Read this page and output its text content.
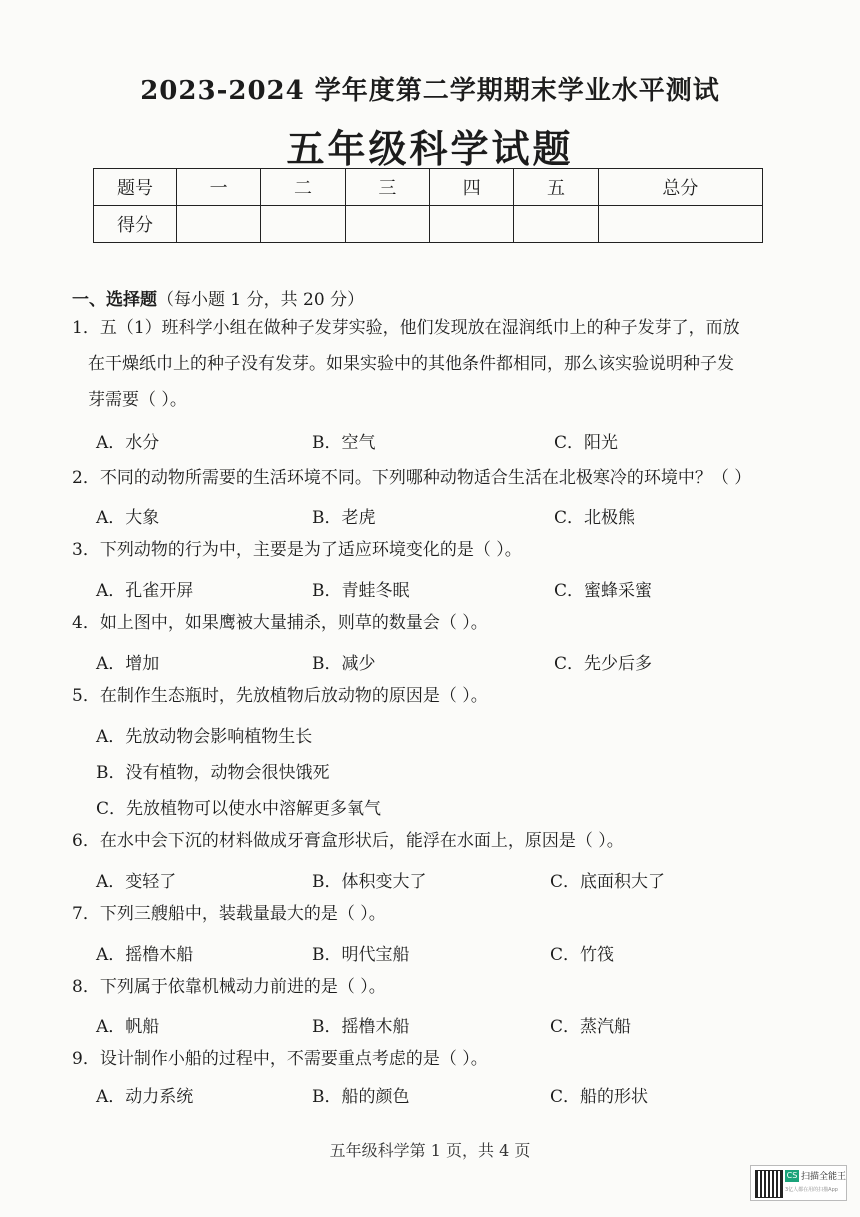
2023-2024 学年度第二学期期末学业水平测试
五年级科学试题
题号	一	二	三	四	五	总分
得分						
一、选择题（每小题 1 分，共 20 分）
1．五（1）班科学小组在做种子发芽实验，他们发现放在湿润纸巾上的种子发芽了，而放
在干燥纸巾上的种子没有发芽。如果实验中的其他条件都相同，那么该实验说明种子发
芽需要（ ）。
A．水分	B．空气	C．阳光
2．不同的动物所需要的生活环境不同。下列哪种动物适合生活在北极寒冷的环境中？（ ）
A．大象	B．老虎	C．北极熊
3．下列动物的行为中，主要是为了适应环境变化的是（ ）。
A．孔雀开屏	B．青蛙冬眠	C．蜜蜂采蜜
4．如上图中，如果鹰被大量捕杀，则草的数量会（ ）。
A．增加	B．减少	C．先少后多
5．在制作生态瓶时，先放植物后放动物的原因是（ ）。
A．先放动物会影响植物生长
B．没有植物，动物会很快饿死
C．先放植物可以使水中溶解更多氧气
6．在水中会下沉的材料做成牙膏盒形状后，能浮在水面上，原因是（ ）。
A．变轻了	B．体积变大了	C．底面积大了
7．下列三艘船中，装载量最大的是（ ）。
A．摇橹木船	B．明代宝船	C．竹筏
8．下列属于依靠机械动力前进的是（ ）。
A．帆船	B．摇橹木船	C．蒸汽船
9．设计制作小船的过程中，不需要重点考虑的是（ ）。
A．动力系统	B．船的颜色	C．船的形状
五年级科学第 1 页，共 4 页
CS 扫描全能王
3亿人都在用的扫描App
